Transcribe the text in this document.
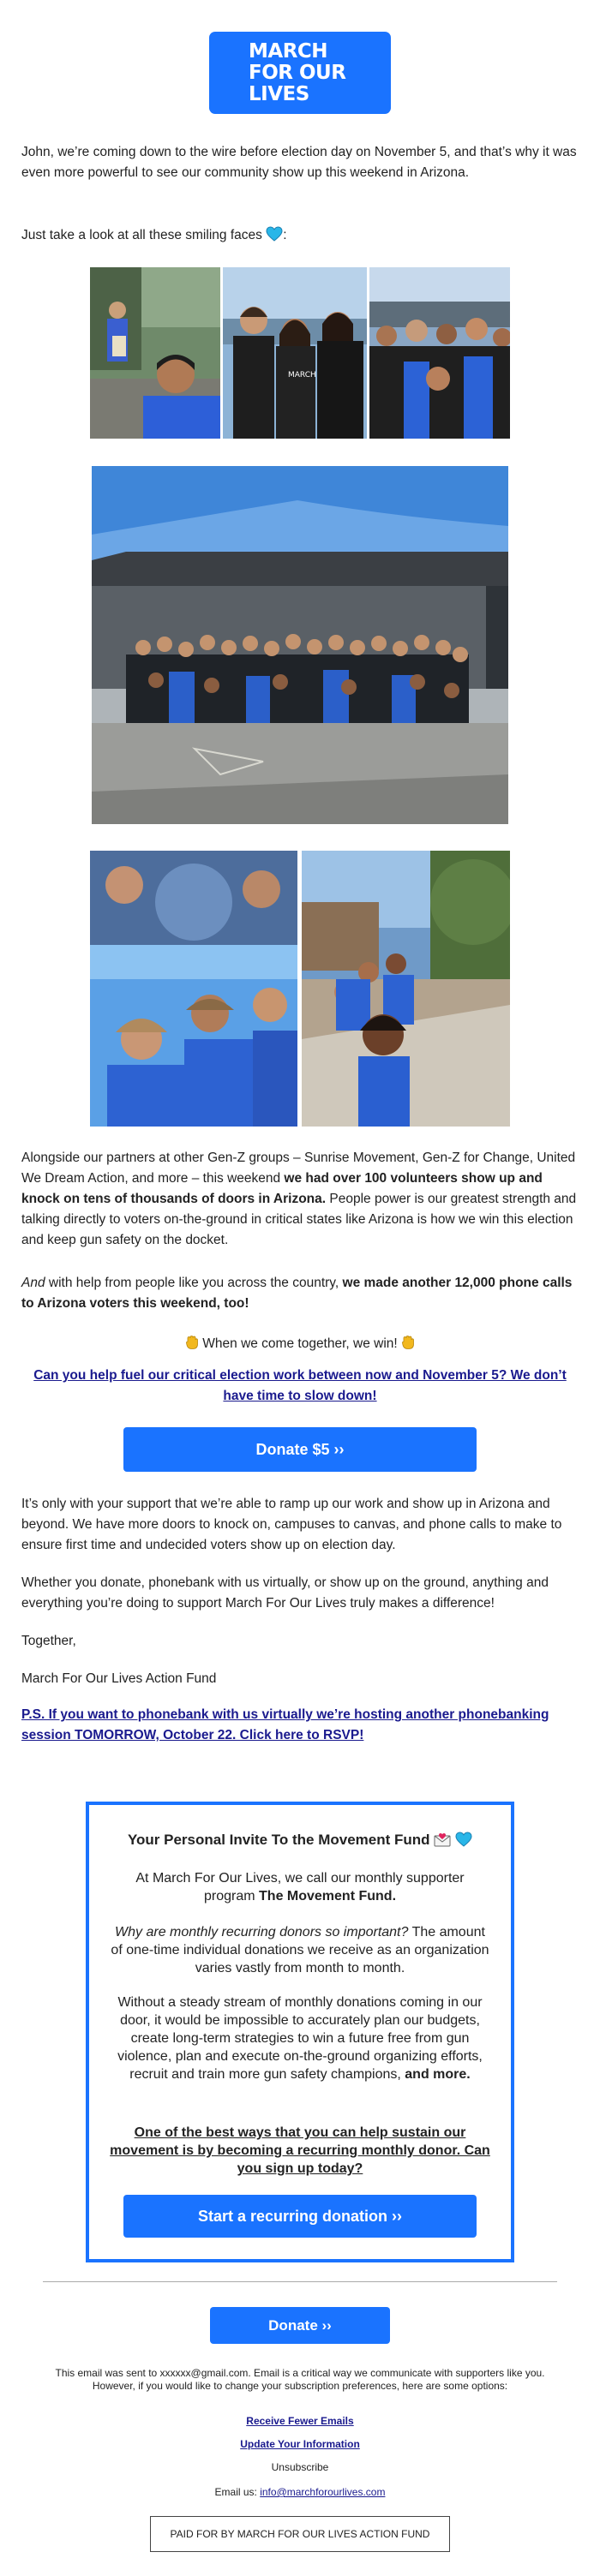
MARCH
FOR OUR
LIVES

John, we’re coming down to the wire before election day on November 5, and that’s why it was even more powerful to see our community show up this weekend in Arizona.

Just take a look at all these smiling faces :

MARCH

Alongside our partners at other Gen-Z groups – Sunrise Movement, Gen-Z for Change, United We Dream Action, and more – this weekend we had over 100 volunteers show up and knock on tens of thousands of doors in Arizona. People power is our greatest strength and talking directly to voters on-the-ground in critical states like Arizona is how we win this election and keep gun safety on the docket.

And with help from people like you across the country, we made another 12,000 phone calls to Arizona voters this weekend, too!

When we come together, we win!

Can you help fuel our critical election work between now and November 5? We don’t have time to slow down!
Donate $5 ››

It’s only with your support that we’re able to ramp up our work and show up in Arizona and beyond. We have more doors to knock on, campuses to canvas, and phone calls to make to ensure first time and undecided voters show up on election day.

Whether you donate, phonebank with us virtually, or show up on the ground, anything and everything you’re doing to support March For Our Lives truly makes a difference!

Together,

March For Our Lives Action Fund

P.S. If you want to phonebank with us virtually we’re hosting another phonebanking session TOMORROW, October 22. Click here to RSVP!
Your Personal Invite To the Movement Fund

At March For Our Lives, we call our monthly supporter program The Movement Fund.

Why are monthly recurring donors so important? The amount of one-time individual donations we receive as an organization varies vastly from month to month.

Without a steady stream of monthly donations coming in our door, it would be impossible to accurately plan our budgets, create long-term strategies to win a future free from gun violence, plan and execute on-the-ground organizing efforts, recruit and train more gun safety champions, and more.

One of the best ways that you can help sustain our movement is by becoming a recurring monthly donor. Can you sign up today?
Start a recurring donation ››
Donate ››

This email was sent to xxxxxx@gmail.com. Email is a critical way we communicate with supporters like you. However, if you would like to change your subscription preferences, here are some options:

Receive Fewer Emails
Update Your Information
Unsubscribe

Email us: info@marchforourlives.com

PAID FOR BY MARCH FOR OUR LIVES ACTION FUND
